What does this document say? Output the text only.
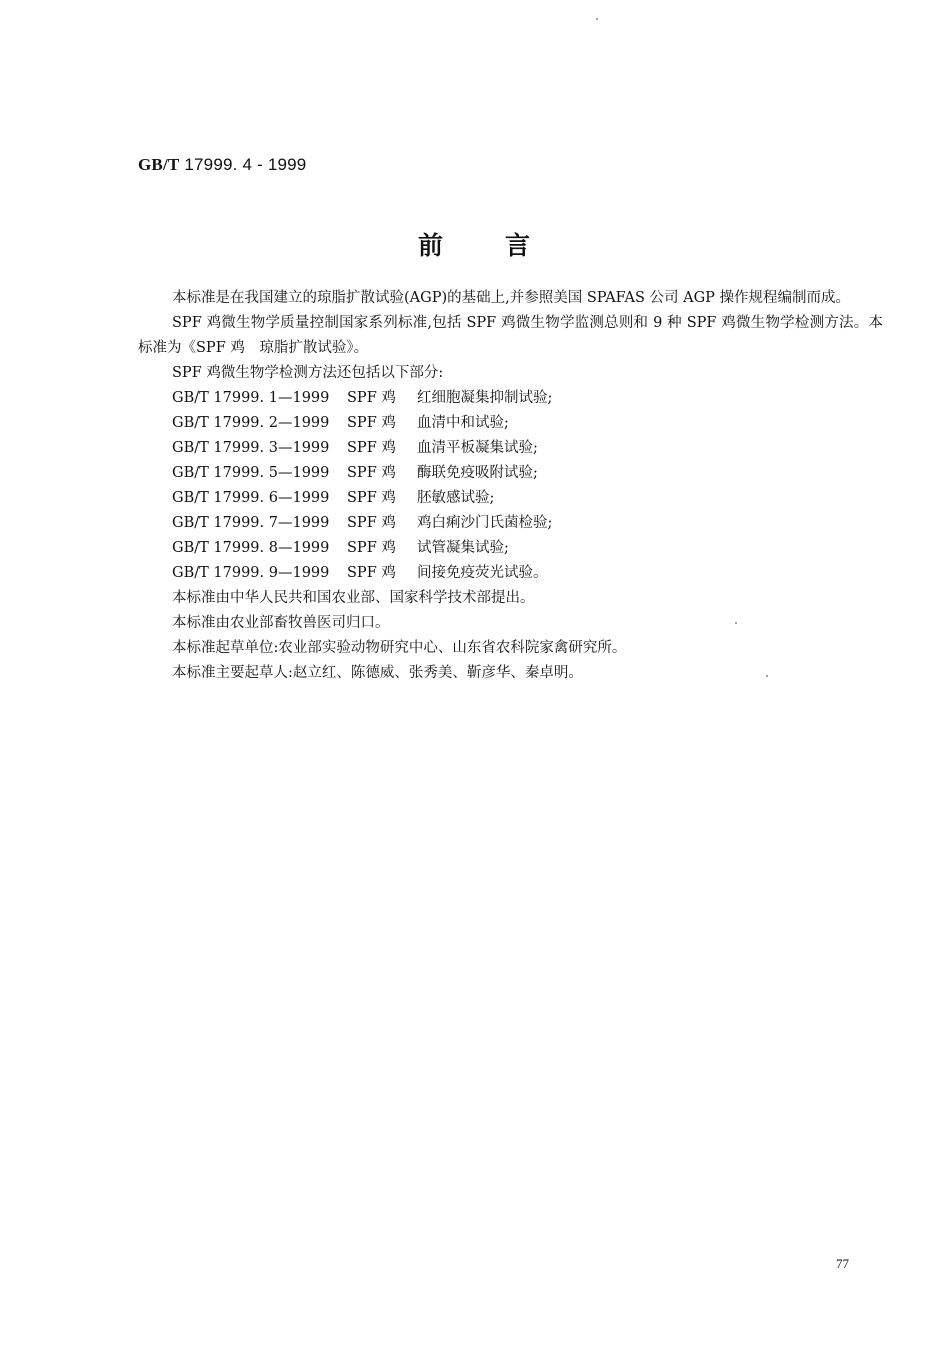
GB/T 17999. 4 - 1999
前言

本标准是在我国建立的琼脂扩散试验(AGP)的基础上,并参照美国 SPAFAS 公司 AGP 操作规程编制而成。

SPF 鸡微生物学质量控制国家系列标准,包括 SPF 鸡微生物学监测总则和 9 种 SPF 鸡微生物学检测方法。本标准为《SPF 鸡　琼脂扩散试验》。

SPF 鸡微生物学检测方法还包括以下部分:

GB/T 17999. 1—1999 SPF 鸡 红细胞凝集抑制试验;

GB/T 17999. 2—1999 SPF 鸡 血清中和试验;

GB/T 17999. 3—1999 SPF 鸡 血清平板凝集试验;

GB/T 17999. 5—1999 SPF 鸡 酶联免疫吸附试验;

GB/T 17999. 6—1999 SPF 鸡 胚敏感试验;

GB/T 17999. 7—1999 SPF 鸡 鸡白痢沙门氏菌检验;

GB/T 17999. 8—1999 SPF 鸡 试管凝集试验;

GB/T 17999. 9—1999 SPF 鸡 间接免疫荧光试验。

本标准由中华人民共和国农业部、国家科学技术部提出。

本标准由农业部畜牧兽医司归口。

本标准起草单位:农业部实验动物研究中心、山东省农科院家禽研究所。

本标准主要起草人:赵立红、陈德威、张秀美、靳彦华、秦卓明。

77
